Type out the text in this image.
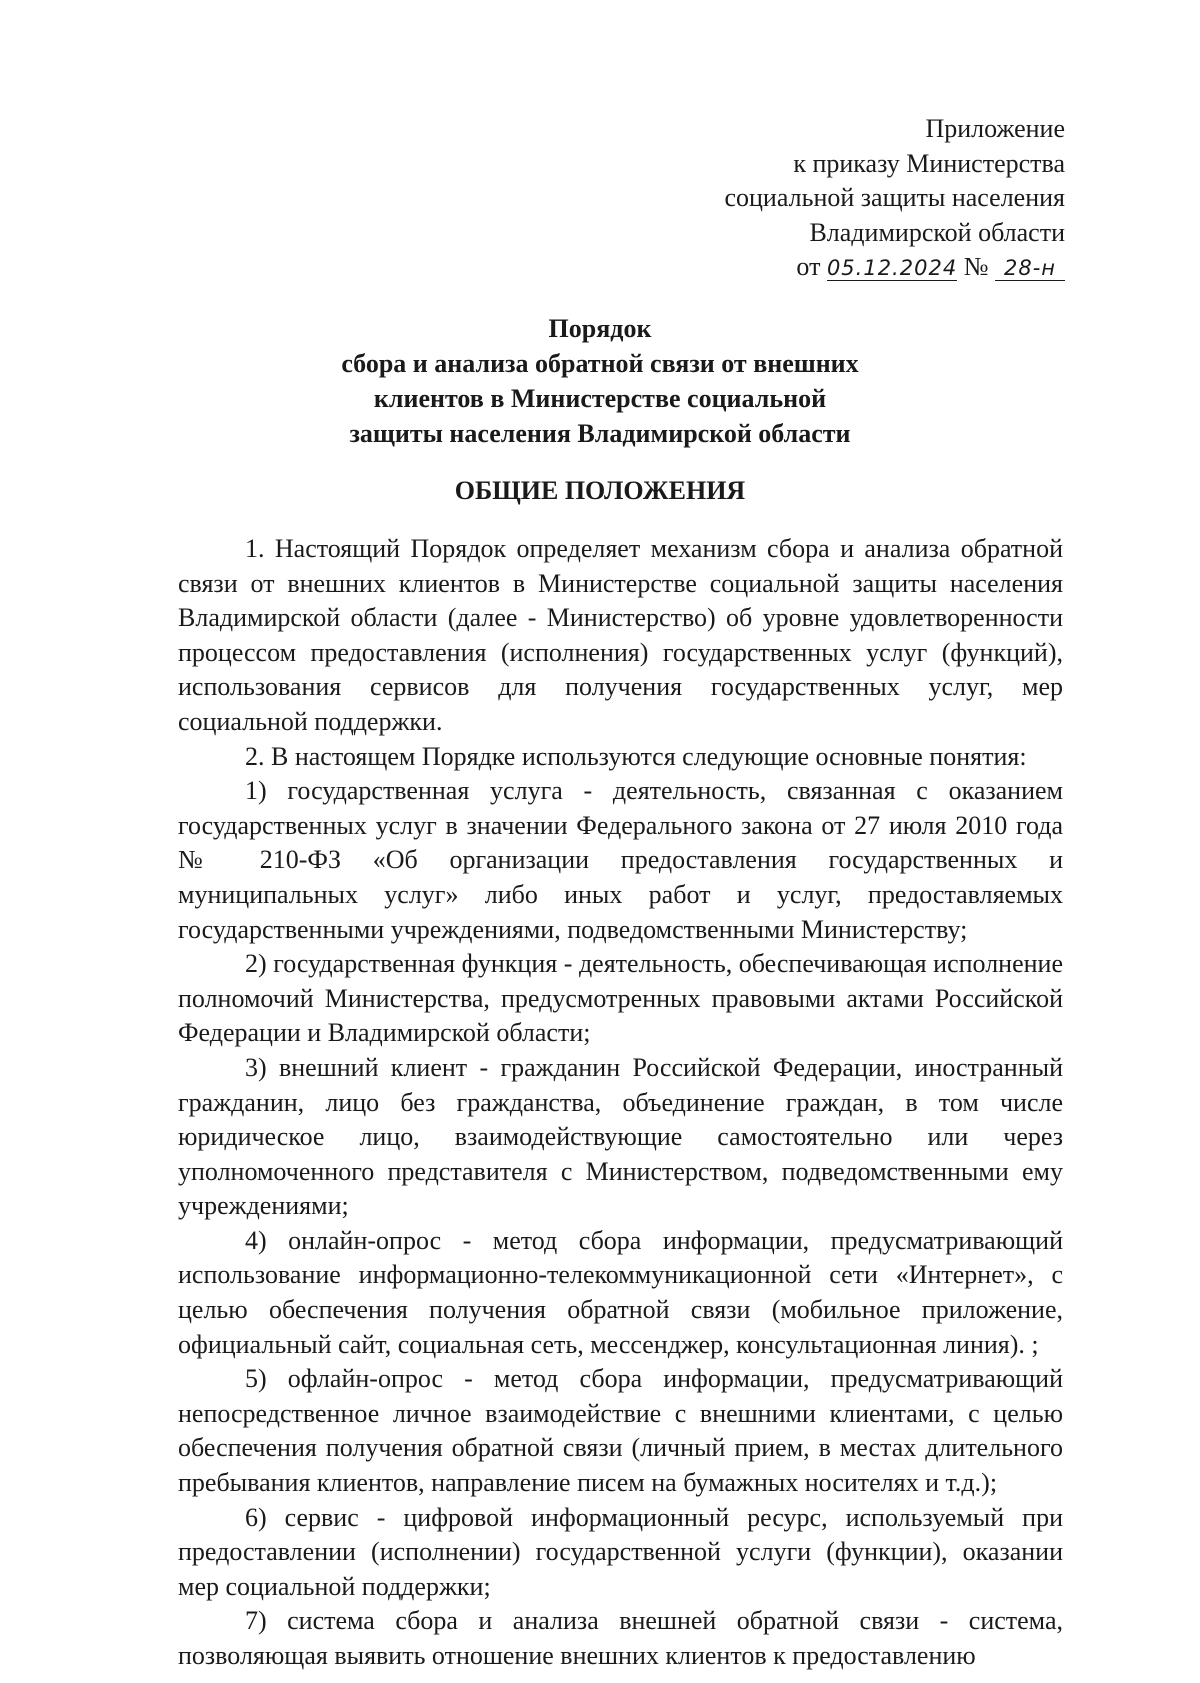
Приложение
к приказу Министерства
социальной защиты населения
Владимирской области
от 05.12.2024 № 28-н
Порядок
сбора и анализа обратной связи от внешних
клиентов в Министерстве социальной
защиты населения Владимирской области
ОБЩИЕ ПОЛОЖЕНИЯ

1. Настоящий Порядок определяет механизм сбора и анализа обратной связи от внешних клиентов в Министерстве социальной защиты населения Владимирской области (далее - Министерство) об уровне удовлетворенности процессом предоставления (исполнения) государственных услуг (функций), использования сервисов для получения государственных услуг, мер социальной поддержки.

2. В настоящем Порядке используются следующие основные понятия:

1) государственная услуга - деятельность, связанная с оказанием государственных услуг в значении Федерального закона от 27 июля 2010 года № 210-ФЗ «Об организации предоставления государственных и муниципальных услуг» либо иных работ и услуг, предоставляемых государственными учреждениями, подведомственными Министерству;

2) государственная функция - деятельность, обеспечивающая исполнение полномочий Министерства, предусмотренных правовыми актами Российской Федерации и Владимирской области;

3) внешний клиент - гражданин Российской Федерации, иностранный гражданин, лицо без гражданства, объединение граждан, в том числе юридическое лицо, взаимодействующие самостоятельно или через уполномоченного представителя с Министерством, подведомственными ему учреждениями;

4) онлайн-опрос - метод сбора информации, предусматривающий использование информационно-телекоммуникационной сети «Интернет», с целью обеспечения получения обратной связи (мобильное приложение, официальный сайт, социальная сеть, мессенджер, консультационная линия). ;

5) офлайн-опрос - метод сбора информации, предусматривающий непосредственное личное взаимодействие с внешними клиентами, с целью обеспечения получения обратной связи (личный прием, в местах длительного пребывания клиентов, направление писем на бумажных носителях и т.д.);

6) сервис - цифровой информационный ресурс, используемый при предоставлении (исполнении) государственной услуги (функции), оказании мер социальной поддержки;

7) система сбора и анализа внешней обратной связи - система, позволяющая выявить отношение внешних клиентов к предоставлению
